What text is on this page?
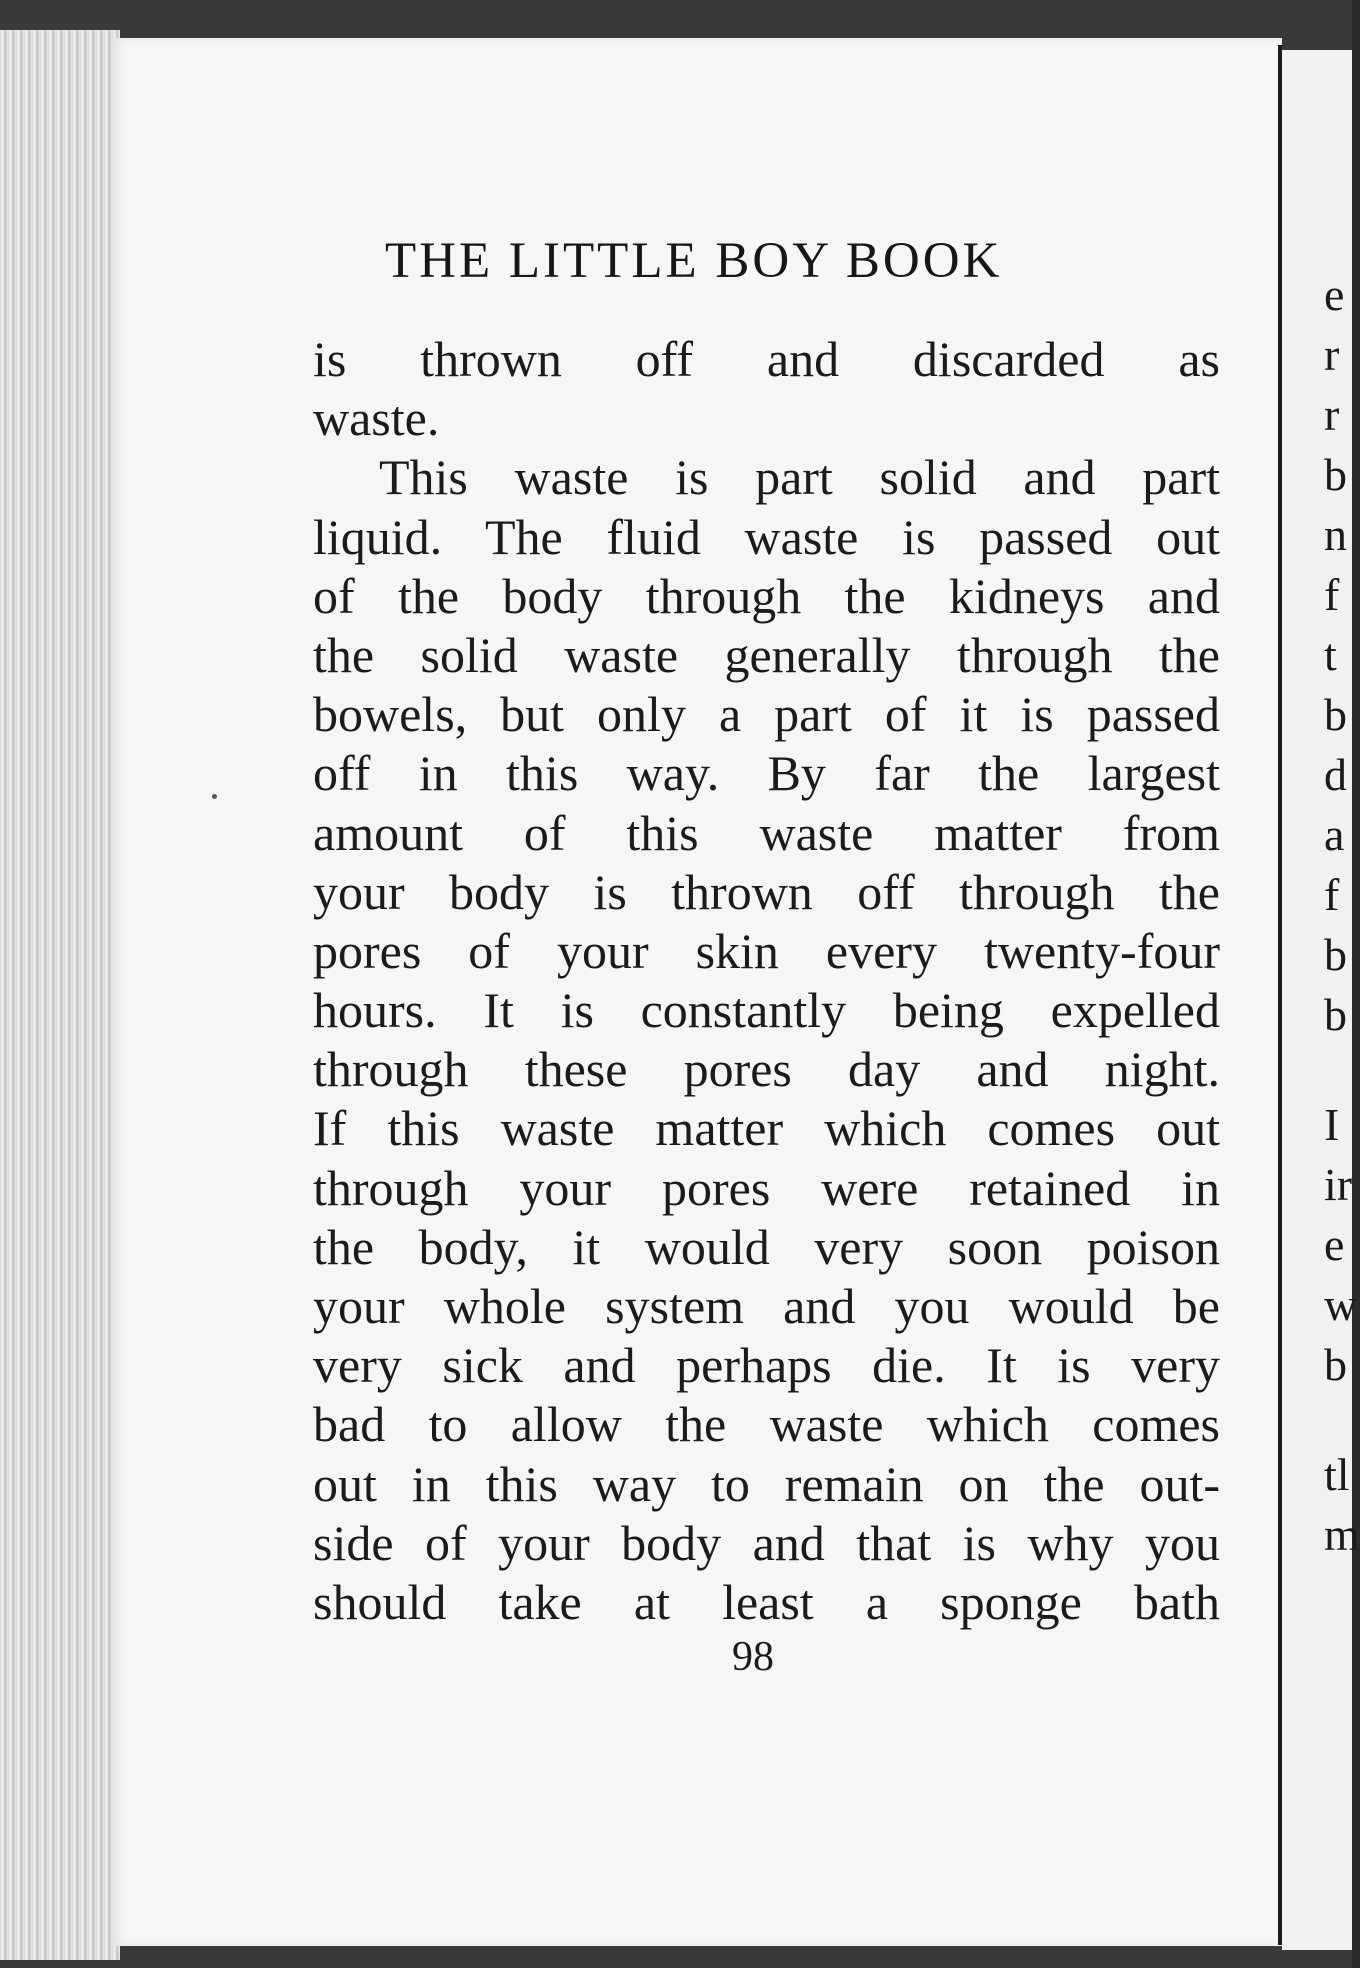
THE LITTLE BOY BOOK
is thrown off and discarded as
waste.
This waste is part solid and part
liquid. The fluid waste is passed out
of the body through the kidneys and
the solid waste generally through the
bowels, but only a part of it is passed
off in this way. By far the largest
amount of this waste matter from
your body is thrown off through the
pores of your skin every twenty-four
hours. It is constantly being expelled
through these pores day and night.
If this waste matter which comes out
through your pores were retained in
the body, it would very soon poison
your whole system and you would be
very sick and perhaps die. It is very
bad to allow the waste which comes
out in this way to remain on the out-
side of your body and that is why you
should take at least a sponge bath
98
e
r
r
b
n
f
t
b
d
a
f
b
b
I
ir
e
w
b
tl
m
